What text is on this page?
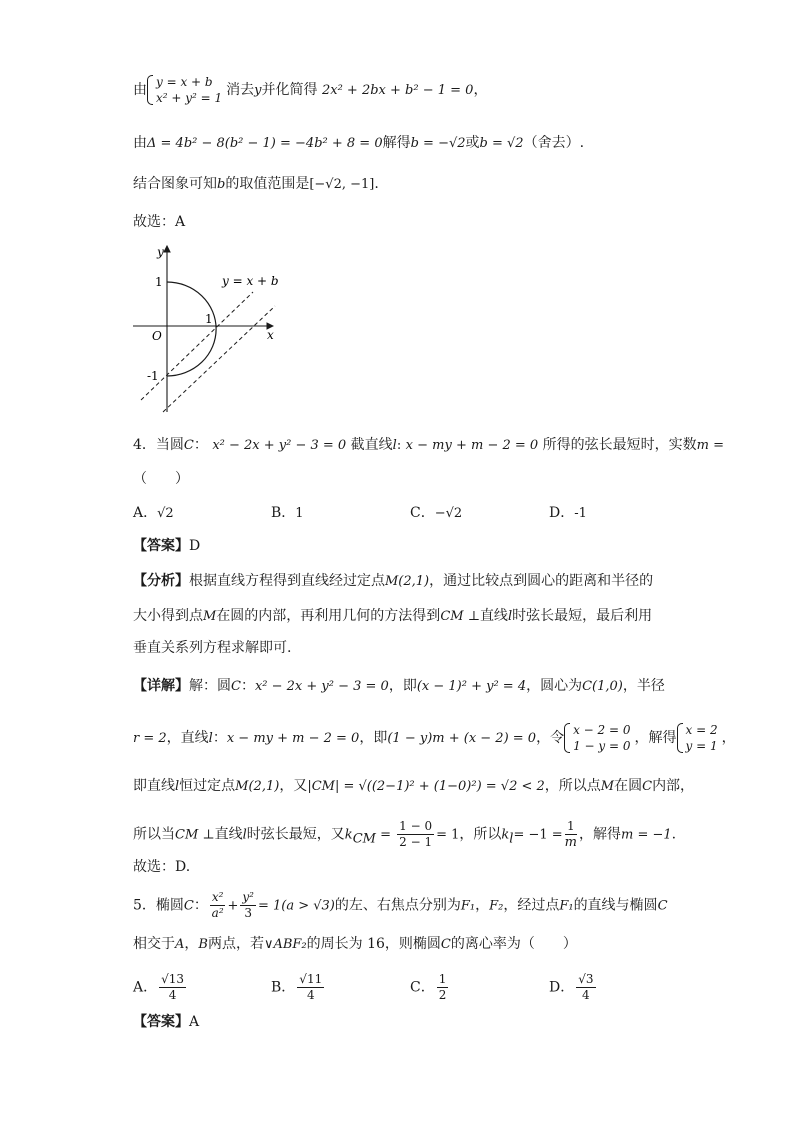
由 y = x + b
x² + y² = 1 消去y并化简得 2x² + 2bx + b² − 1 = 0，
由Δ = 4b² − 8(b² − 1) = −4b² + 8 = 0解得b = −√2或b = √2（舍去）.
结合图象可知b的取值范围是[−√2, −1].
故选：A
y
x
O
1
1
-1
y = x + b
4．当圆C： x² − 2x + y² − 3 = 0 截直线l: x − my + m − 2 = 0 所得的弦长最短时，实数m =
（　　）
A．√2	B．1	C．−√2	D．-1
【答案】D
【分析】根据直线方程得到直线经过定点M(2,1)，通过比较点到圆心的距离和半径的
大小得到点M在圆的内部，再利用几何的方法得到CM ⊥直线l时弦长最短，最后利用
垂直关系列方程求解即可.
【详解】解：圆C：x² − 2x + y² − 3 = 0，即(x − 1)² + y² = 4，圆心为C(1,0)，半径
r = 2，直线l：x − my + m − 2 = 0，即(1 − y)m + (x − 2) = 0，令 x − 2 = 0
1 − y = 0 ，解得 x = 2
y = 1 ，
即直线l恒过定点M(2,1)，又|CM| = √((2−1)² + (1−0)²) = √2 < 2，所以点M在圆C内部，
所以当CM ⊥直线l时弦长最短，又$k_{CM} = \frac{1 - 0}{2 - 1} = 1$，所以$k_l= -1 = \frac{1}{m}$ ，解得m = −1.
故选：D.
5．椭圆C： $\frac{\text{x²}}{\text{a²}} + \frac{\text{y²}}{3} = 1(a > √3)$的左、右焦点分别为F₁，F₂，经过点F₁的直线与椭圆C
相交于A，B两点，若∨ABF₂的周长为 16，则椭圆C的离心率为（　　）
A． $\frac{√13}{4}$	B． $\frac{√11}{4}$	C． $\frac{1}{2}$	D． $\frac{√3}{4}$
【答案】A
